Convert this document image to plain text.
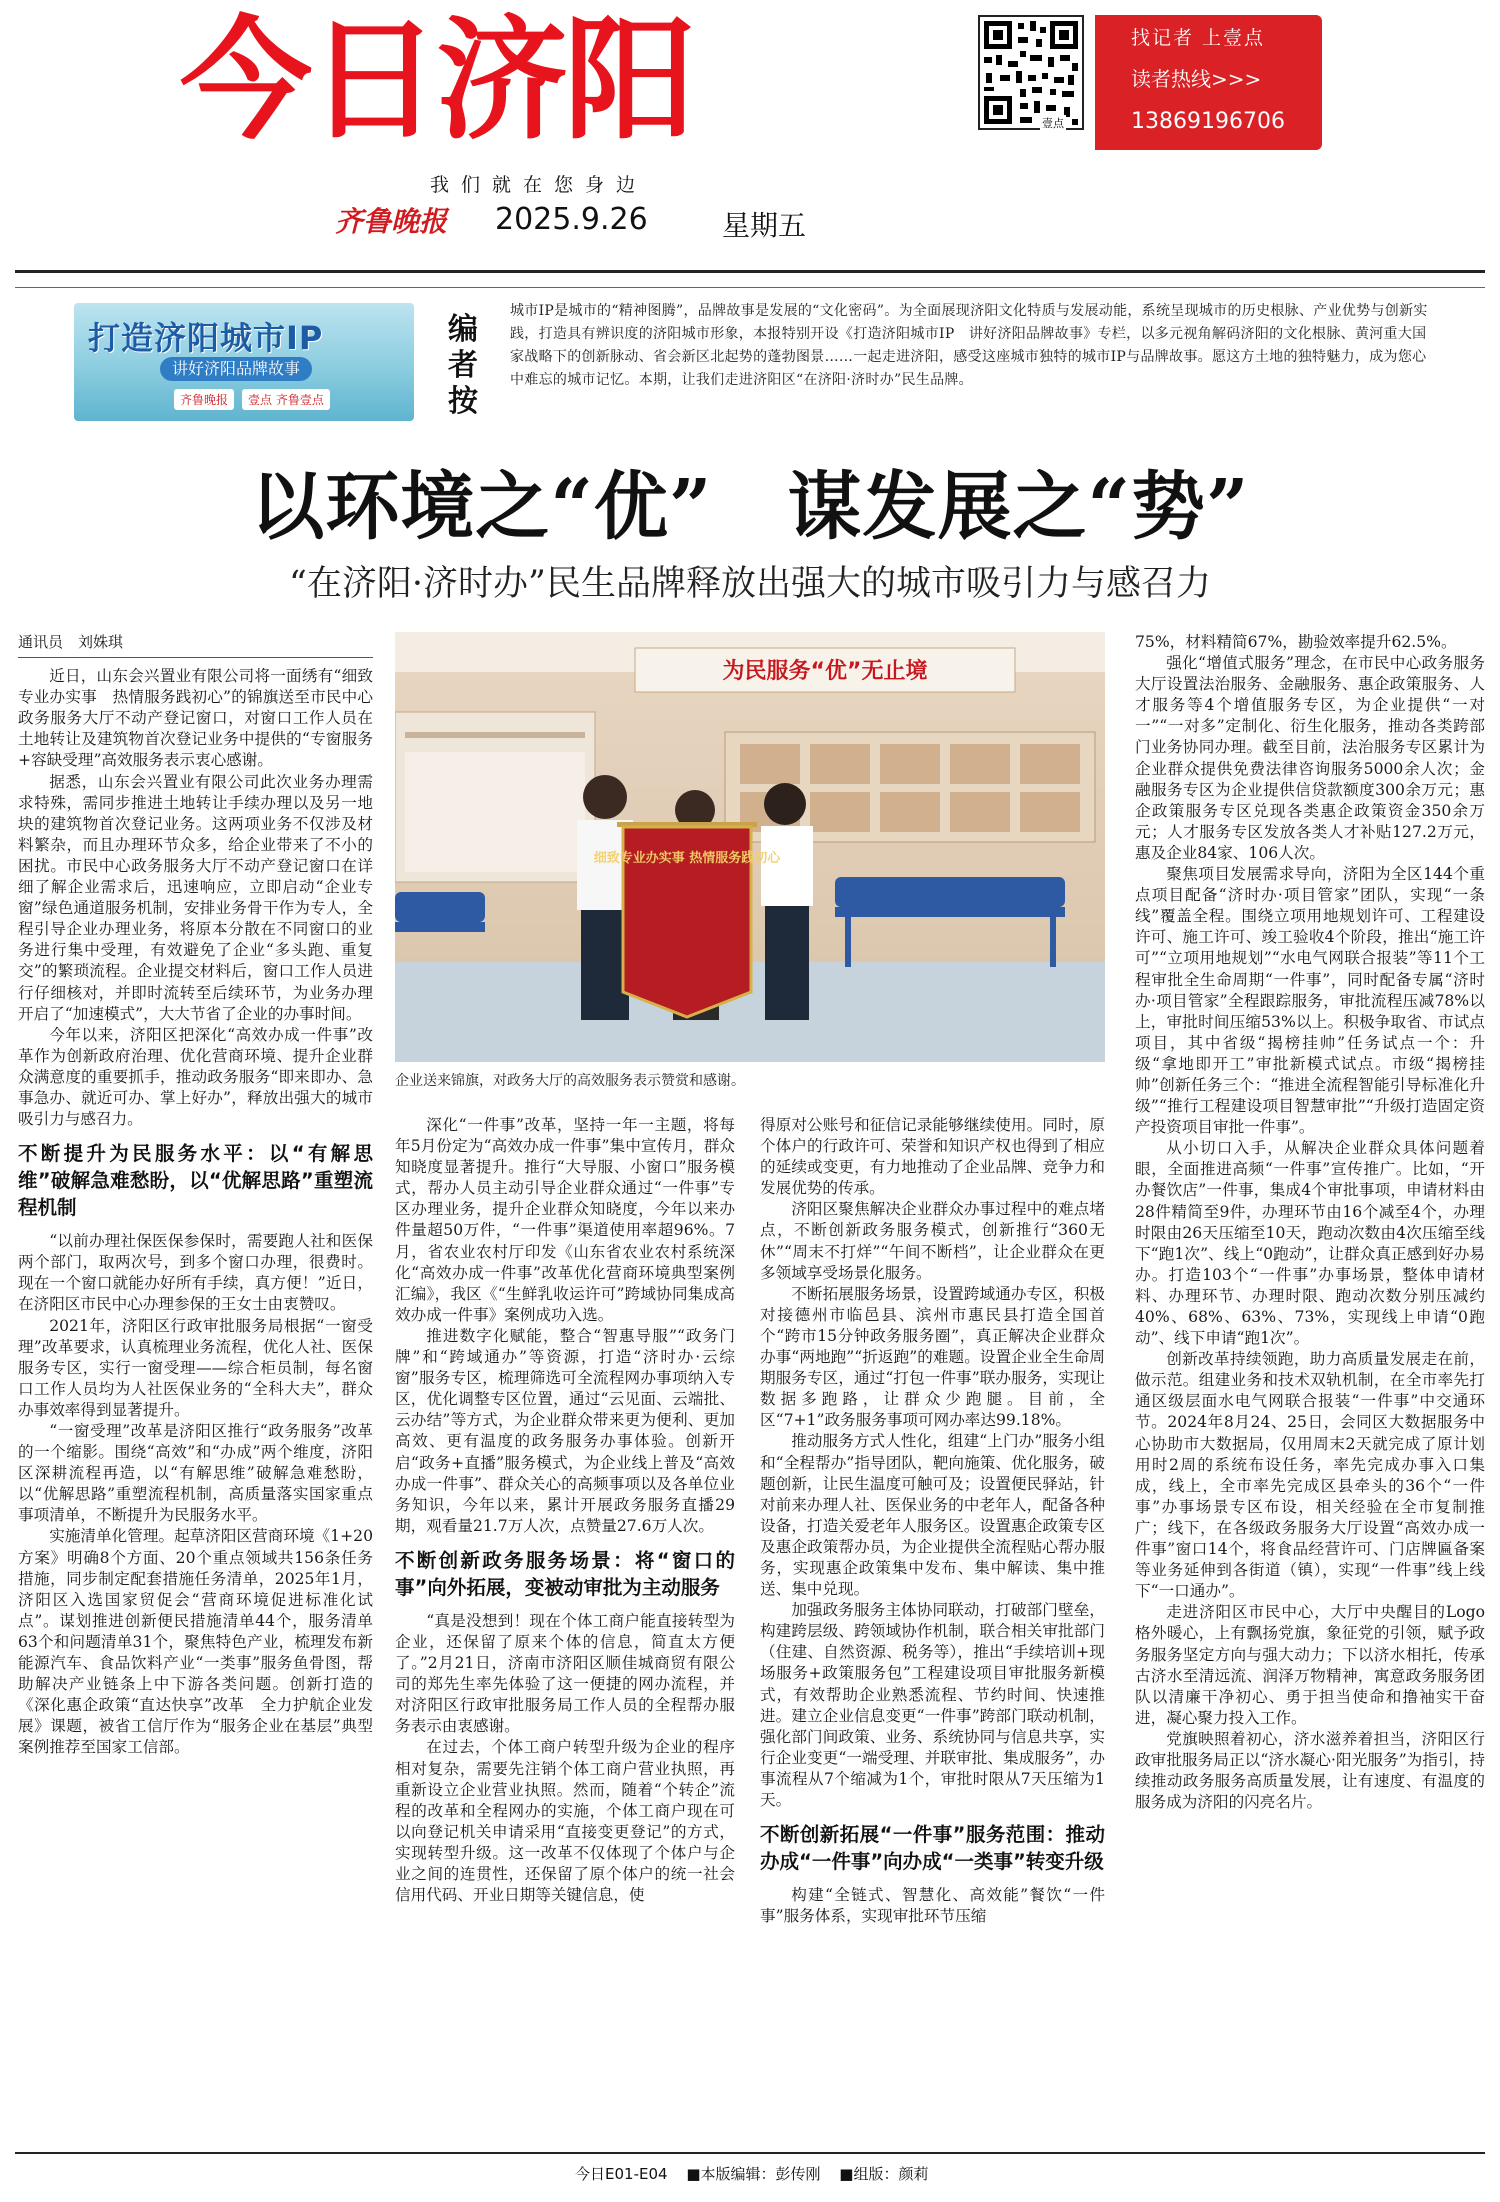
今日济阳
我们就在您身边
齐鲁晚报 2025.9.26	星期五
壹点
找记者 上壹点
读者热线>>>
13869196706
打造济阳城市IP
讲好济阳品牌故事
齐鲁晚报	壹点 齐鲁壹点
编者按
城市IP是城市的“精神图腾”，品牌故事是发展的“文化密码”。为全面展现济阳文化特质与发展动能，系统呈现城市的历史根脉、产业优势与创新实践，打造具有辨识度的济阳城市形象，本报特别开设《打造济阳城市IP　讲好济阳品牌故事》专栏，以多元视角解码济阳的文化根脉、黄河重大国家战略下的创新脉动、省会新区北起势的蓬勃图景……一起走进济阳，感受这座城市独特的城市IP与品牌故事。愿这方土地的独特魅力，成为您心中难忘的城市记忆。本期，让我们走进济阳区“在济阳·济时办”民生品牌。
以环境之“优”　谋发展之“势”
“在济阳·济时办”民生品牌释放出强大的城市吸引力与感召力

通讯员　刘姝琪

近日，山东会兴置业有限公司将一面绣有“细致专业办实事　热情服务践初心”的锦旗送至市民中心政务服务大厅不动产登记窗口，对窗口工作人员在土地转让及建筑物首次登记业务中提供的“专窗服务+容缺受理”高效服务表示衷心感谢。

据悉，山东会兴置业有限公司此次业务办理需求特殊，需同步推进土地转让手续办理以及另一地块的建筑物首次登记业务。这两项业务不仅涉及材料繁杂，而且办理环节众多，给企业带来了不小的困扰。市民中心政务服务大厅不动产登记窗口在详细了解企业需求后，迅速响应，立即启动“企业专窗”绿色通道服务机制，安排业务骨干作为专人，全程引导企业办理业务，将原本分散在不同窗口的业务进行集中受理，有效避免了企业“多头跑、重复交”的繁琐流程。企业提交材料后，窗口工作人员进行仔细核对，并即时流转至后续环节，为业务办理开启了“加速模式”，大大节省了企业的办事时间。

今年以来，济阳区把深化“高效办成一件事”改革作为创新政府治理、优化营商环境、提升企业群众满意度的重要抓手，推动政务服务“即来即办、急事急办、就近可办、掌上好办”，释放出强大的城市吸引力与感召力。

不断提升为民服务水平：以“有解思维”破解急难愁盼，以“优解思路”重塑流程机制

“以前办理社保医保参保时，需要跑人社和医保两个部门，取两次号，到多个窗口办理，很费时。现在一个窗口就能办好所有手续，真方便！”近日，在济阳区市民中心办理参保的王女士由衷赞叹。

2021年，济阳区行政审批服务局根据“一窗受理”改革要求，认真梳理业务流程，优化人社、医保服务专区，实行一窗受理——综合柜员制，每名窗口工作人员均为人社医保业务的“全科大夫”，群众办事效率得到显著提升。

“一窗受理”改革是济阳区推行“政务服务”改革的一个缩影。围绕“高效”和“办成”两个维度，济阳区深耕流程再造，以“有解思维”破解急难愁盼，以“优解思路”重塑流程机制，高质量落实国家重点事项清单，不断提升为民服务水平。

实施清单化管理。起草济阳区营商环境《1+20方案》明确8个方面、20个重点领域共156条任务措施，同步制定配套措施任务清单，2025年1月，济阳区入选国家贸促会“营商环境促进标准化试点”。谋划推进创新便民措施清单44个，服务清单63个和问题清单31个，聚焦特色产业，梳理发布新能源汽车、食品饮料产业“一类事”服务鱼骨图，帮助解决产业链条上中下游各类问题。创新打造的《深化惠企政策“直达快享”改革　全力护航企业发展》课题，被省工信厅作为“服务企业在基层”典型案例推荐至国家工信部。

为民服务“优”无止境
细致专业办实事 热情服务践初心
企业送来锦旗，对政务大厅的高效服务表示赞赏和感谢。

深化“一件事”改革，坚持一年一主题，将每年5月份定为“高效办成一件事”集中宣传月，群众知晓度显著提升。推行“大导服、小窗口”服务模式，帮办人员主动引导企业群众通过“一件事”专区办理业务，提升企业群众知晓度，今年以来办件量超50万件，“一件事”渠道使用率超96%。7月，省农业农村厅印发《山东省农业农村系统深化“高效办成一件事”改革优化营商环境典型案例汇编》，我区《“生鲜乳收运许可”跨域协同集成高效办成一件事》案例成功入选。

推进数字化赋能，整合“智惠导服”“政务门牌”和“跨域通办”等资源，打造“济时办·云综窗”服务专区，梳理筛选可全流程网办事项纳入专区，优化调整专区位置，通过“云见面、云端批、云办结”等方式，为企业群众带来更为便利、更加高效、更有温度的政务服务办事体验。创新开启“政务+直播”服务模式，为企业线上普及“高效办成一件事”、群众关心的高频事项以及各单位业务知识，今年以来，累计开展政务服务直播29期，观看量21.7万人次，点赞量27.6万人次。

不断创新政务服务场景：将“窗口的事”向外拓展，变被动审批为主动服务

“真是没想到！现在个体工商户能直接转型为企业，还保留了原来个体的信息，简直太方便了。”2月21日，济南市济阳区顺佳城商贸有限公司的郑先生率先体验了这一便捷的网办流程，并对济阳区行政审批服务局工作人员的全程帮办服务表示由衷感谢。

在过去，个体工商户转型升级为企业的程序相对复杂，需要先注销个体工商户营业执照，再重新设立企业营业执照。然而，随着“个转企”流程的改革和全程网办的实施，个体工商户现在可以向登记机关申请采用“直接变更登记”的方式，实现转型升级。这一改革不仅体现了个体户与企业之间的连贯性，还保留了原个体户的统一社会信用代码、开业日期等关键信息，使

得原对公账号和征信记录能够继续使用。同时，原个体户的行政许可、荣誉和知识产权也得到了相应的延续或变更，有力地推动了企业品牌、竞争力和发展优势的传承。

济阳区聚焦解决企业群众办事过程中的难点堵点，不断创新政务服务模式，创新推行“360无休”“周末不打烊”“午间不断档”，让企业群众在更多领域享受场景化服务。

不断拓展服务场景，设置跨域通办专区，积极对接德州市临邑县、滨州市惠民县打造全国首个“跨市15分钟政务服务圈”，真正解决企业群众办事“两地跑”“折返跑”的难题。设置企业全生命周期服务专区，通过“打包一件事”联办服务，实现让数据多跑路，让群众少跑腿。目前，全区“7+1”政务服务事项可网办率达99.18%。

推动服务方式人性化，组建“上门办”服务小组和“全程帮办”指导团队，靶向施策、优化服务，破题创新，让民生温度可触可及；设置便民驿站，针对前来办理人社、医保业务的中老年人，配备各种设备，打造关爱老年人服务区。设置惠企政策专区及惠企政策帮办员，为企业提供全流程贴心帮办服务，实现惠企政策集中发布、集中解读、集中推送、集中兑现。

加强政务服务主体协同联动，打破部门壁垒，构建跨层级、跨领域协作机制，联合相关审批部门（住建、自然资源、税务等），推出“手续培训+现场服务+政策服务包”工程建设项目审批服务新模式，有效帮助企业熟悉流程、节约时间、快速推进。建立企业信息变更“一件事”跨部门联动机制，强化部门间政策、业务、系统协同与信息共享，实行企业变更“一端受理、并联审批、集成服务”，办事流程从7个缩减为1个，审批时限从7天压缩为1天。

不断创新拓展“一件事”服务范围：推动办成“一件事”向办成“一类事”转变升级

构建“全链式、智慧化、高效能”餐饮“一件事”服务体系，实现审批环节压缩

75%，材料精简67%，勘验效率提升62.5%。

强化“增值式服务”理念，在市民中心政务服务大厅设置法治服务、金融服务、惠企政策服务、人才服务等4个增值服务专区，为企业提供“一对一”“一对多”定制化、衍生化服务，推动各类跨部门业务协同办理。截至目前，法治服务专区累计为企业群众提供免费法律咨询服务5000余人次；金融服务专区为企业提供信贷款额度300余万元；惠企政策服务专区兑现各类惠企政策资金350余万元；人才服务专区发放各类人才补贴127.2万元，惠及企业84家、106人次。

聚焦项目发展需求导向，济阳为全区144个重点项目配备“济时办·项目管家”团队，实现“一条线”覆盖全程。围绕立项用地规划许可、工程建设许可、施工许可、竣工验收4个阶段，推出“施工许可”“立项用地规划”“水电气网联合报装”等11个工程审批全生命周期“一件事”，同时配备专属“济时办·项目管家”全程跟踪服务，审批流程压减78%以上，审批时间压缩53%以上。积极争取省、市试点项目，其中省级“揭榜挂帅”任务试点一个：升级“拿地即开工”审批新模式试点。市级“揭榜挂帅”创新任务三个：“推进全流程智能引导标准化升级”“推行工程建设项目智慧审批”“升级打造固定资产投资项目审批一件事”。

从小切口入手，从解决企业群众具体问题着眼，全面推进高频“一件事”宣传推广。比如，“开办餐饮店”一件事，集成4个审批事项，申请材料由28件精简至9件，办理环节由16个减至4个，办理时限由26天压缩至10天，跑动次数由4次压缩至线下“跑1次”、线上“0跑动”，让群众真正感到好办易办。打造103个“一件事”办事场景，整体申请材料、办理环节、办理时限、跑动次数分别压减约40%、68%、63%、73%，实现线上申请“0跑动”、线下申请“跑1次”。

创新改革持续领跑，助力高质量发展走在前，做示范。组建业务和技术双轨机制，在全市率先打通区级层面水电气网联合报装“一件事”中交通环节。2024年8月24、25日，会同区大数据服务中心协助市大数据局，仅用周末2天就完成了原计划用时2周的系统布设任务，率先完成办事入口集成，线上，全市率先完成区县牵头的36个“一件事”办事场景专区布设，相关经验在全市复制推广；线下，在各级政务服务大厅设置“高效办成一件事”窗口14个，将食品经营许可、门店牌匾备案等业务延伸到各街道（镇），实现“一件事”线上线下“一口通办”。

走进济阳区市民中心，大厅中央醒目的Logo格外暖心，上有飘扬党旗，象征党的引领，赋予政务服务坚定方向与强大动力；下以济水相托，传承古济水至清远流、润泽万物精神，寓意政务服务团队以清廉干净初心、勇于担当使命和撸袖实干奋进，凝心聚力投入工作。

党旗映照着初心，济水滋养着担当，济阳区行政审批服务局正以“济水凝心·阳光服务”为指引，持续推动政务服务高质量发展，让有速度、有温度的服务成为济阳的闪亮名片。

今日E01-E04 ■本版编辑：彭传刚 ■组版：颜莉
